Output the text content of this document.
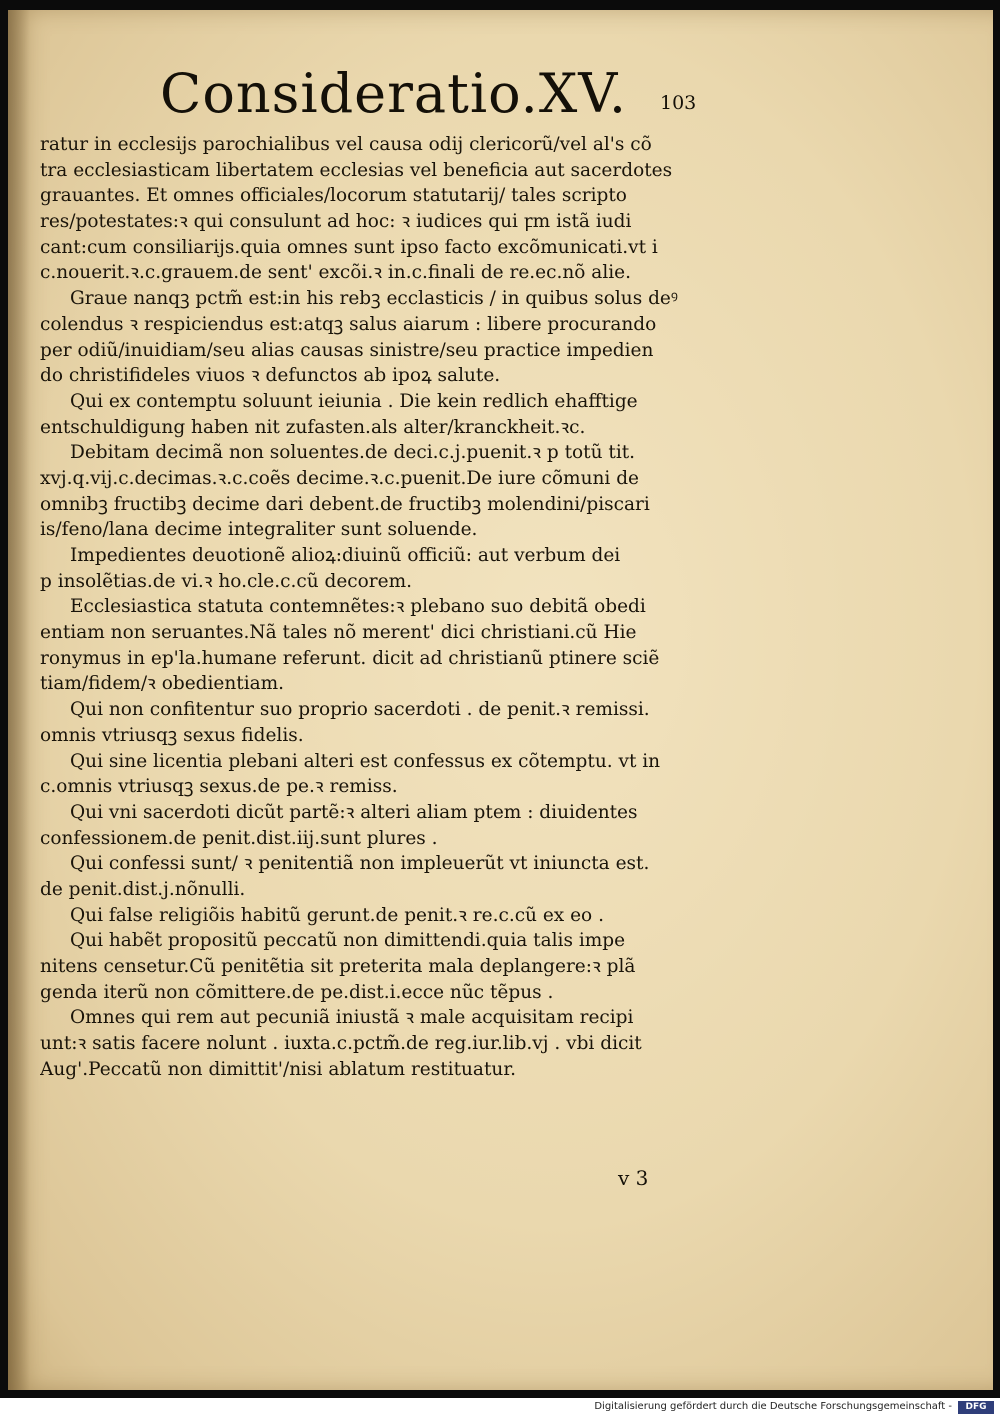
Consideratio.XV. 103
ratur in ecclesijs parochialibus vel causa odij clericorũ/vel al's cõ
tra ecclesiasticam libertatem ecclesias vel beneficia aut sacerdotes
grauantes. Et omnes officiales/locorum statutarij/ tales scripto
res/potestates:ꝛ qui consulunt ad hoc: ꝛ iudices qui ꝼm istã iudi
cant:cum consiliarijs.quia omnes sunt ipso facto excõmunicati.vt i
c.nouerit.ꝛ.c.grauem.de sent' excõi.ꝛ in.c.finali de re.ec.nõ alie.
Graue nanqꝫ pctm̃ est:in his rebꝫ ecclasticis / in quibus solus deꝰ
colendus ꝛ respiciendus est:atqꝫ salus aiarum : libere procurando
per odiũ/inuidiam/seu alias causas sinistre/seu practice impedien
do christifideles viuos ꝛ defunctos ab ipoꝝ salute.
Qui ex contemptu soluunt ieiunia . Die kein redlich ehafftige
entschuldigung haben nit zufasten.als alter/kranckheit.ꝛc.
Debitam decimã non soluentes.de deci.c.j.puenit.ꝛ p totũ tit.
xvj.q.vij.c.decimas.ꝛ.c.coẽs decime.ꝛ.c.puenit.De iure cõmuni de
omnibꝫ fructibꝫ decime dari debent.de fructibꝫ molendini/piscari
is/feno/lana decime integraliter sunt soluende.
Impedientes deuotionẽ alioꝝ:diuinũ officiũ: aut verbum dei
p insolẽtias.de vi.ꝛ ho.cle.c.cũ decorem.
Ecclesiastica statuta contemnẽtes:ꝛ plebano suo debitã obedi
entiam non seruantes.Nã tales nõ merent' dici christiani.cũ Hie
ronymus in ep'la.humane referunt. dicit ad christianũ ptinere sciẽ
tiam/fidem/ꝛ obedientiam.
Qui non confitentur suo proprio sacerdoti . de penit.ꝛ remissi.
omnis vtriusqꝫ sexus fidelis.
Qui sine licentia plebani alteri est confessus ex cõtemptu. vt in
c.omnis vtriusqꝫ sexus.de pe.ꝛ remiss.
Qui vni sacerdoti dicũt partẽ:ꝛ alteri aliam ptem : diuidentes
confessionem.de penit.dist.iij.sunt plures .
Qui confessi sunt/ ꝛ penitentiã non impleuerũt vt iniuncta est.
de penit.dist.j.nõnulli.
Qui false religiõis habitũ gerunt.de penit.ꝛ re.c.cũ ex eo .
Qui habẽt propositũ peccatũ non dimittendi.quia talis impe
nitens censetur.Cũ penitẽtia sit preterita mala deplangere:ꝛ plã
genda iterũ non cõmittere.de pe.dist.i.ecce nũc tẽpus .
Omnes qui rem aut pecuniã iniustã ꝛ male acquisitam recipi
unt:ꝛ satis facere nolunt . iuxta.c.pctm̃.de reg.iur.lib.vj . vbi dicit
Aug'.Peccatũ non dimittit'/nisi ablatum restituatur.
v 3
Digitalisierung gefördert durch die Deutsche Forschungsgemeinschaft -	DFG
